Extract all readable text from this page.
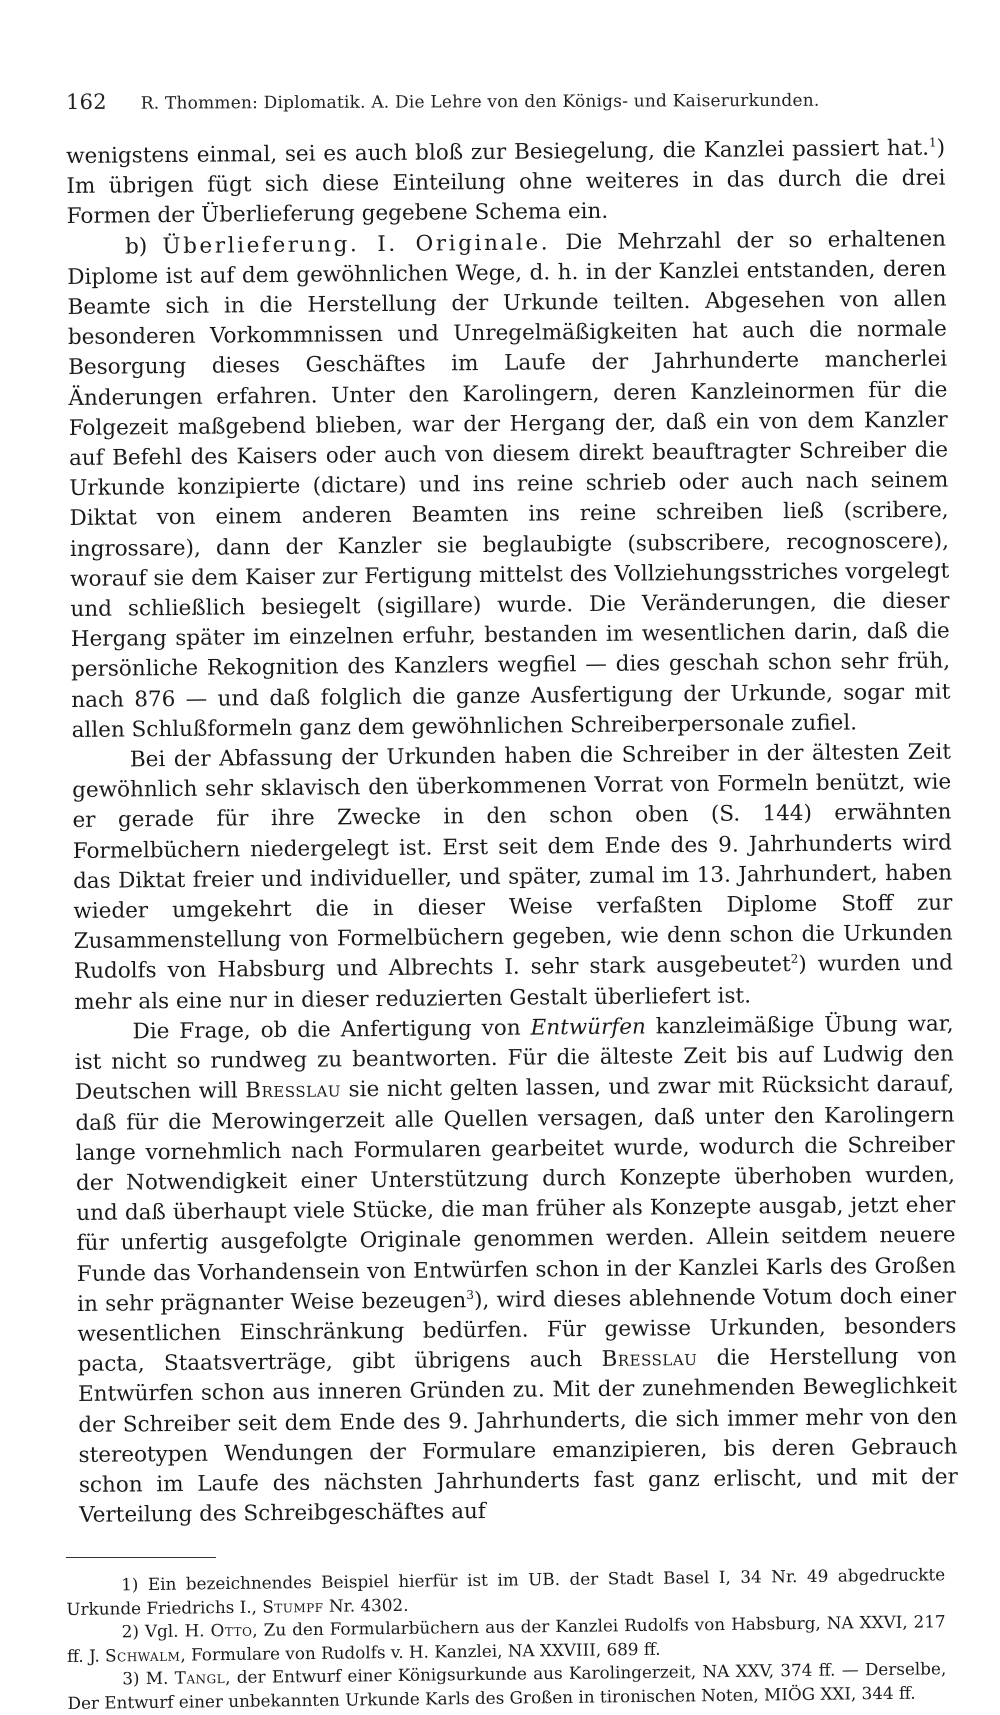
162 R. Thommen: Diplomatik. A. Die Lehre von den Königs- und Kaiserurkunden.

wenigstens einmal, sei es auch bloß zur Besiegelung, die Kanzlei passiert hat.$^1$) Im übrigen fügt sich diese Einteilung ohne weiteres in das durch die drei Formen der Überlieferung gegebene Schema ein.

b) Überlieferung. I. Originale. Die Mehrzahl der so erhaltenen Diplome ist auf dem gewöhnlichen Wege, d. h. in der Kanzlei entstanden, deren Beamte sich in die Herstellung der Urkunde teilten. Abgesehen von allen besonderen Vorkommnissen und Unregelmäßigkeiten hat auch die normale Besorgung dieses Geschäftes im Laufe der Jahrhunderte mancherlei Änderungen erfahren. Unter den Karolingern, deren Kanzleinormen für die Folgezeit maßgebend blieben, war der Hergang der, daß ein von dem Kanzler auf Befehl des Kaisers oder auch von diesem direkt beauftragter Schreiber die Urkunde konzipierte (dictare) und ins reine schrieb oder auch nach seinem Diktat von einem anderen Beamten ins reine schreiben ließ (scribere, ingrossare), dann der Kanzler sie beglaubigte (subscribere, recognoscere), worauf sie dem Kaiser zur Fertigung mittelst des Vollziehungsstriches vorgelegt und schließlich besiegelt (sigillare) wurde. Die Veränderungen, die dieser Hergang später im einzelnen erfuhr, bestanden im wesentlichen darin, daß die persönliche Rekognition des Kanzlers wegfiel — dies geschah schon sehr früh, nach 876 — und daß folglich die ganze Ausfertigung der Urkunde, sogar mit allen Schlußformeln ganz dem gewöhnlichen Schreiberpersonale zufiel.

Bei der Abfassung der Urkunden haben die Schreiber in der ältesten Zeit gewöhnlich sehr sklavisch den überkommenen Vorrat von Formeln benützt, wie er gerade für ihre Zwecke in den schon oben (S. 144) erwähnten Formelbüchern niedergelegt ist. Erst seit dem Ende des 9. Jahrhunderts wird das Diktat freier und individueller, und später, zumal im 13. Jahrhundert, haben wieder umgekehrt die in dieser Weise verfaßten Diplome Stoff zur Zusammenstellung von Formelbüchern gegeben, wie denn schon die Urkunden Rudolfs von Habsburg und Albrechts I. sehr stark ausgebeutet$^2$) wurden und mehr als eine nur in dieser reduzierten Gestalt überliefert ist.

Die Frage, ob die Anfertigung von Entwürfen kanzleimäßige Übung war, ist nicht so rundweg zu beantworten. Für die älteste Zeit bis auf Ludwig den Deutschen will Bresslau sie nicht gelten lassen, und zwar mit Rücksicht darauf, daß für die Merowingerzeit alle Quellen versagen, daß unter den Karolingern lange vornehmlich nach Formularen gearbeitet wurde, wodurch die Schreiber der Notwendigkeit einer Unterstützung durch Konzepte überhoben wurden, und daß überhaupt viele Stücke, die man früher als Konzepte ausgab, jetzt eher für unfertig ausgefolgte Originale genommen werden. Allein seitdem neuere Funde das Vorhandensein von Entwürfen schon in der Kanzlei Karls des Großen in sehr prägnanter Weise bezeugen$^3$), wird dieses ablehnende Votum doch einer wesentlichen Einschränkung bedürfen. Für gewisse Urkunden, besonders pacta, Staatsverträge, gibt übrigens auch Bresslau die Herstellung von Entwürfen schon aus inneren Gründen zu. Mit der zunehmenden Beweglichkeit der Schreiber seit dem Ende des 9. Jahrhunderts, die sich immer mehr von den stereotypen Wendungen der Formulare emanzipieren, bis deren Gebrauch schon im Laufe des nächsten Jahrhunderts fast ganz erlischt, und mit der Verteilung des Schreibgeschäftes auf

1) Ein bezeichnendes Beispiel hierfür ist im UB. der Stadt Basel I, 34 Nr. 49 abgedruckte Urkunde Friedrichs I., Stumpf Nr. 4302.

2) Vgl. H. Otto, Zu den Formularbüchern aus der Kanzlei Rudolfs von Habsburg, NA XXVI, 217 ff. J. Schwalm, Formulare von Rudolfs v. H. Kanzlei, NA XXVIII, 689 ff.

3) M. Tangl, der Entwurf einer Königsurkunde aus Karolingerzeit, NA XXV, 374 ff. — Derselbe, Der Entwurf einer unbekannten Urkunde Karls des Großen in tironischen Noten, MIÖG XXI, 344 ff.
